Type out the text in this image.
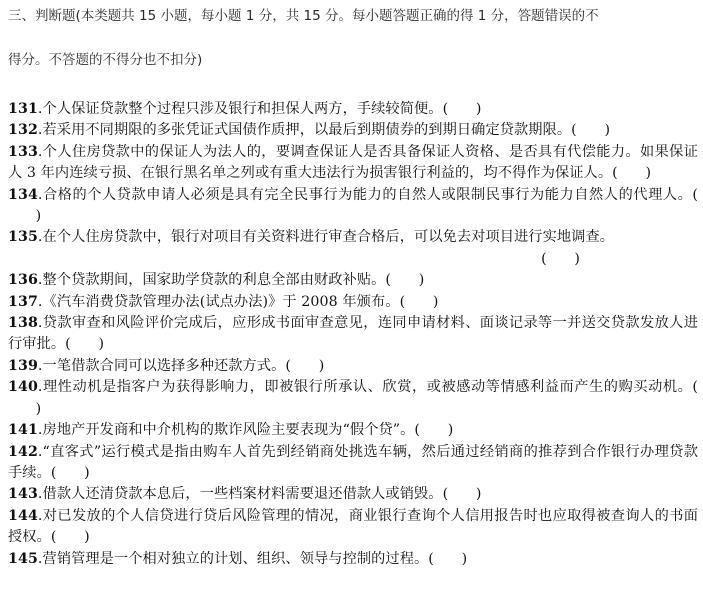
三、判断题(本类题共 15 小题，每小题 1 分，共 15 分。每小题答题正确的得 1 分，答题错误的不
得分。不答题的不得分也不扣分)

131.个人保证贷款整个过程只涉及银行和担保人两方，手续较简便。(      )

132.若采用不同期限的多张凭证式国债作质押，以最后到期债券的到期日确定贷款期限。(      )

133.个人住房贷款中的保证人为法人的，要调查保证人是否具备保证人资格、是否具有代偿能力。如果保证人 3 年内连续亏损、在银行黑名单之列或有重大违法行为损害银行利益的，均不得作为保证人。(      )

134.合格的个人贷款申请人必须是具有完全民事行为能力的自然人或限制民事行为能力自然人的代理人。(      )

135.在个人住房贷款中，银行对项目有关资料进行审查合格后，可以免去对项目进行实地调查。

(      )

136.整个贷款期间，国家助学贷款的利息全部由财政补贴。(      )

137.《汽车消费贷款管理办法(试点办法)》于 2008 年颁布。(      )

138.贷款审查和风险评价完成后，应形成书面审查意见，连同申请材料、面谈记录等一并送交贷款发放人进行审批。(      )

139.一笔借款合同可以选择多种还款方式。(      )

140.理性动机是指客户为获得影响力，即被银行所承认、欣赏，或被感动等情感利益而产生的购买动机。(      )

141.房地产开发商和中介机构的欺诈风险主要表现为“假个贷”。(      )

142.“直客式”运行模式是指由购车人首先到经销商处挑选车辆，然后通过经销商的推荐到合作银行办理贷款手续。(      )

143.借款人还清贷款本息后，一些档案材料需要退还借款人或销毁。(      )

144.对已发放的个人信贷进行贷后风险管理的情况，商业银行查询个人信用报告时也应取得被查询人的书面授权。(      )

145.营销管理是一个相对独立的计划、组织、领导与控制的过程。(      )
